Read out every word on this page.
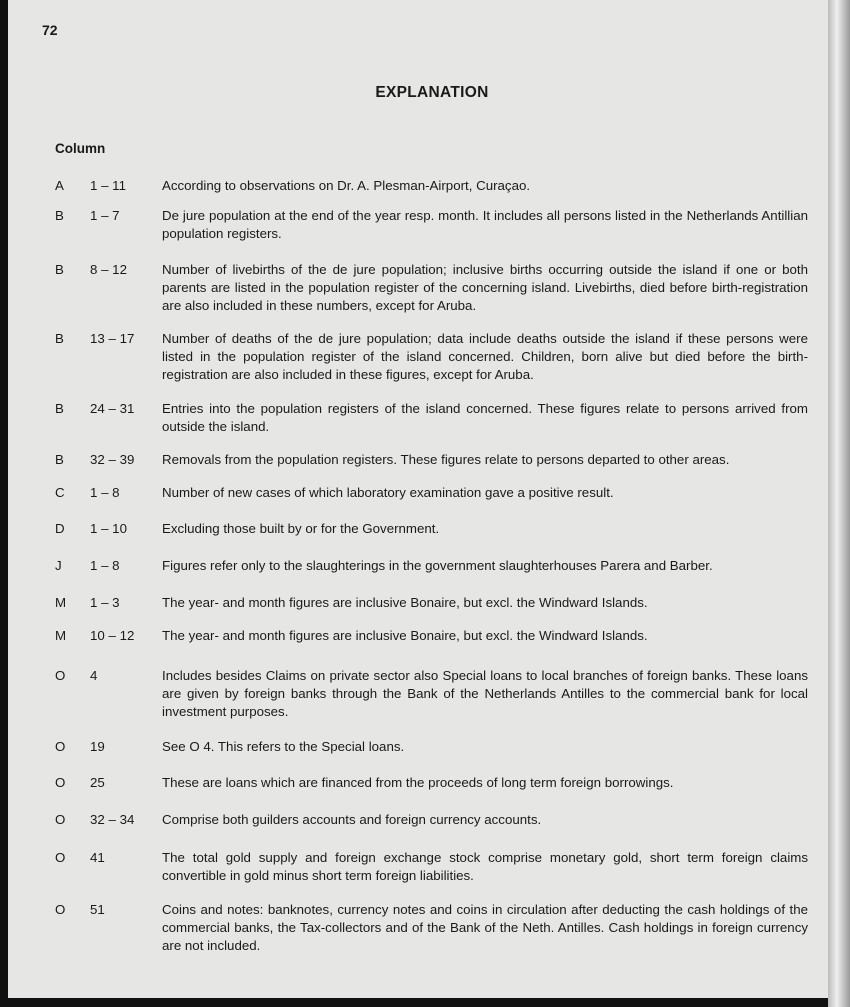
72
EXPLANATION
Column
A 1 – 11	According to observations on Dr. A. Plesman-Airport, Curaçao.
B 1 – 7	De jure population at the end of the year resp. month. It includes all persons listed in the Netherlands Antillian population registers.
B 8 – 12	Number of livebirths of the de jure population; inclusive births occurring outside the island if one or both parents are listed in the population register of the concerning island. Livebirths, died before birth-registration are also included in these numbers, except for Aruba.
B 13 – 17	Number of deaths of the de jure population; data include deaths outside the island if these persons were listed in the population register of the island concerned. Children, born alive but died before the birth-registration are also included in these figures, except for Aruba.
B 24 – 31	Entries into the population registers of the island concerned. These figures relate to persons arrived from outside the island.
B 32 – 39	Removals from the population registers. These figures relate to persons departed to other areas.
C 1 – 8	Number of new cases of which laboratory examination gave a positive result.
D 1 – 10	Excluding those built by or for the Government.
J 1 – 8	Figures refer only to the slaughterings in the government slaughterhouses Parera and Barber.
M 1 – 3	The year- and month figures are inclusive Bonaire, but excl. the Windward Islands.
M 10 – 12	The year- and month figures are inclusive Bonaire, but excl. the Windward Islands.
O 4	Includes besides Claims on private sector also Special loans to local branches of foreign banks. These loans are given by foreign banks through the Bank of the Netherlands Antilles to the commercial bank for local investment purposes.
O 19	See O 4. This refers to the Special loans.
O 25	These are loans which are financed from the proceeds of long term foreign borrowings.
O 32 – 34	Comprise both guilders accounts and foreign currency accounts.
O 41	The total gold supply and foreign exchange stock comprise monetary gold, short term foreign claims convertible in gold minus short term foreign liabilities.
O 51	Coins and notes: banknotes, currency notes and coins in circulation after deducting the cash holdings of the commercial banks, the Tax-collectors and of the Bank of the Neth. Antilles. Cash holdings in foreign currency are not included.
